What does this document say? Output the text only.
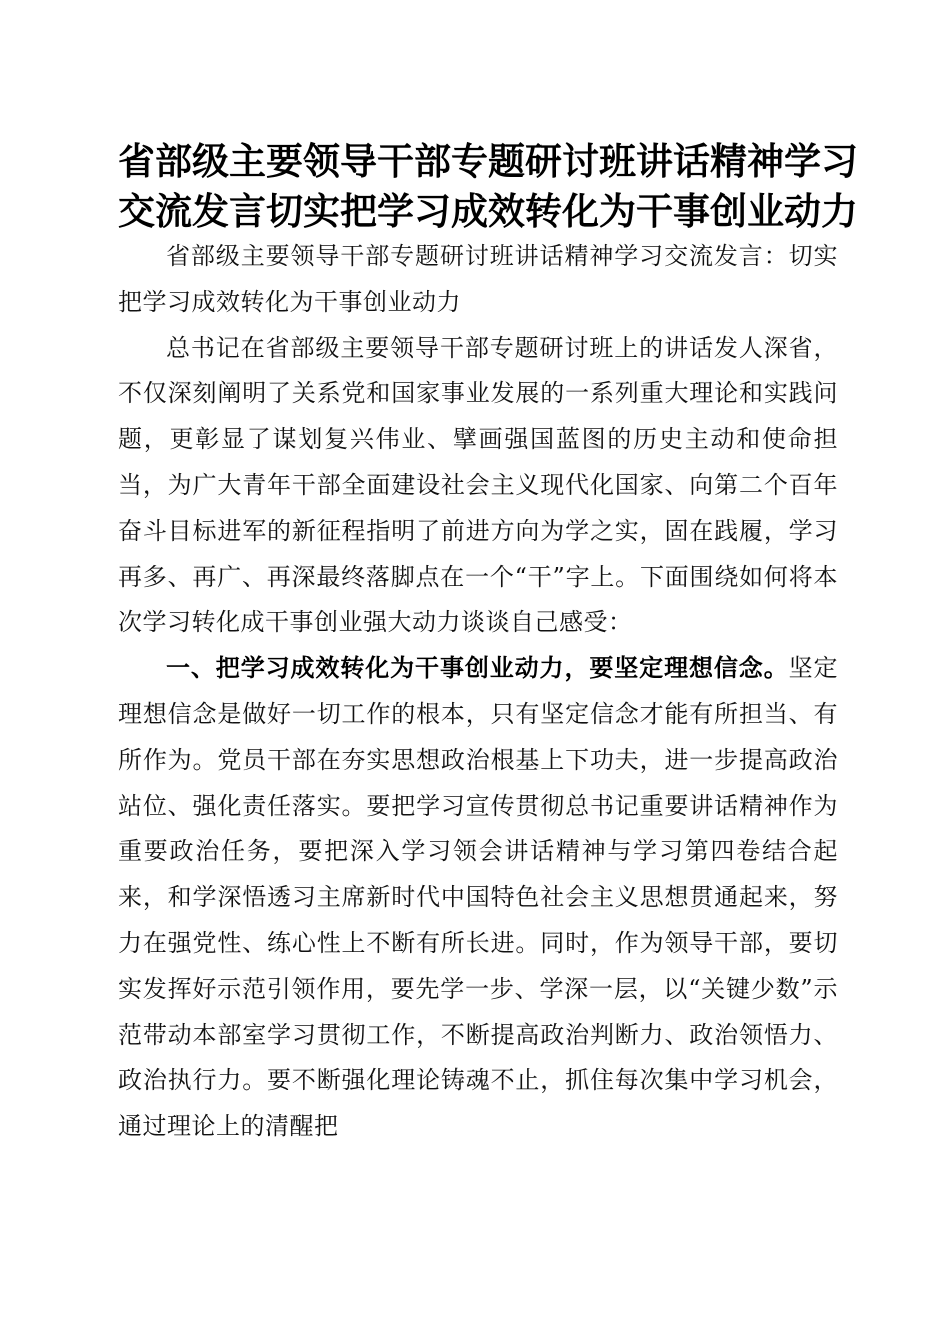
省部级主要领导干部专题研讨班讲话精神学习
交流发言切实把学习成效转化为干事创业动力

省部级主要领导干部专题研讨班讲话精神学习交流发言：切实把学习成效转化为干事创业动力

总书记在省部级主要领导干部专题研讨班上的讲话发人深省，不仅深刻阐明了关系党和国家事业发展的一系列重大理论和实践问题，更彰显了谋划复兴伟业、擘画强国蓝图的历史主动和使命担当，为广大青年干部全面建设社会主义现代化国家、向第二个百年奋斗目标进军的新征程指明了前进方向为学之实，固在践履，学习再多、再广、再深最终落脚点在一个“干”字上。下面围绕如何将本次学习转化成干事创业强大动力谈谈自己感受：

一、把学习成效转化为干事创业动力，要坚定理想信念。坚定理想信念是做好一切工作的根本，只有坚定信念才能有所担当、有所作为。党员干部在夯实思想政治根基上下功夫，进一步提高政治站位、强化责任落实。要把学习宣传贯彻总书记重要讲话精神作为重要政治任务，要把深入学习领会讲话精神与学习第四卷结合起来，和学深悟透习主席新时代中国特色社会主义思想贯通起来，努力在强党性、练心性上不断有所长进。同时，作为领导干部，要切实发挥好示范引领作用，要先学一步、学深一层，以“关键少数”示范带动本部室学习贯彻工作，不断提高政治判断力、政治领悟力、政治执行力。要不断强化理论铸魂不止，抓住每次集中学习机会，通过理论上的清醒把
